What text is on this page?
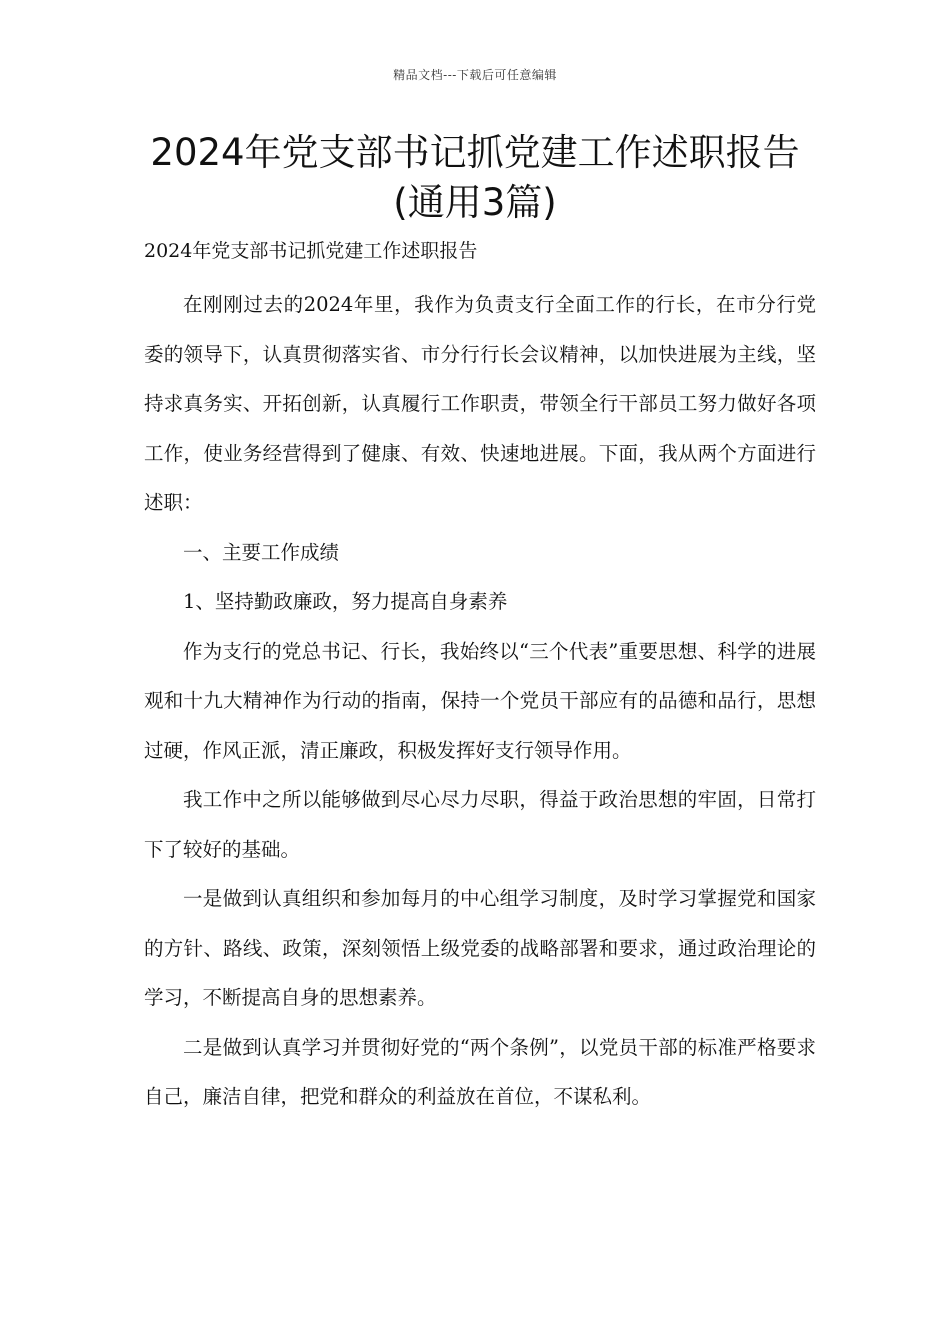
精品文档---下载后可任意编辑
2024年党支部书记抓党建工作述职报告
(通用3篇)
2024年党支部书记抓党建工作述职报告

在刚刚过去的2024年里，我作为负责支行全面工作的行长，在市分行党委的领导下，认真贯彻落实省、市分行行长会议精神，以加快进展为主线，坚持求真务实、开拓创新，认真履行工作职责，带领全行干部员工努力做好各项工作，使业务经营得到了健康、有效、快速地进展。下面，我从两个方面进行述职：

一、主要工作成绩

1、坚持勤政廉政，努力提高自身素养

作为支行的党总书记、行长，我始终以“三个代表”重要思想、科学的进展观和十九大精神作为行动的指南，保持一个党员干部应有的品德和品行，思想过硬，作风正派，清正廉政，积极发挥好支行领导作用。

我工作中之所以能够做到尽心尽力尽职，得益于政治思想的牢固，日常打下了较好的基础。

一是做到认真组织和参加每月的中心组学习制度，及时学习掌握党和国家的方针、路线、政策，深刻领悟上级党委的战略部署和要求，通过政治理论的学习，不断提高自身的思想素养。

二是做到认真学习并贯彻好党的“两个条例”，以党员干部的标准严格要求自己，廉洁自律，把党和群众的利益放在首位，不谋私利。
